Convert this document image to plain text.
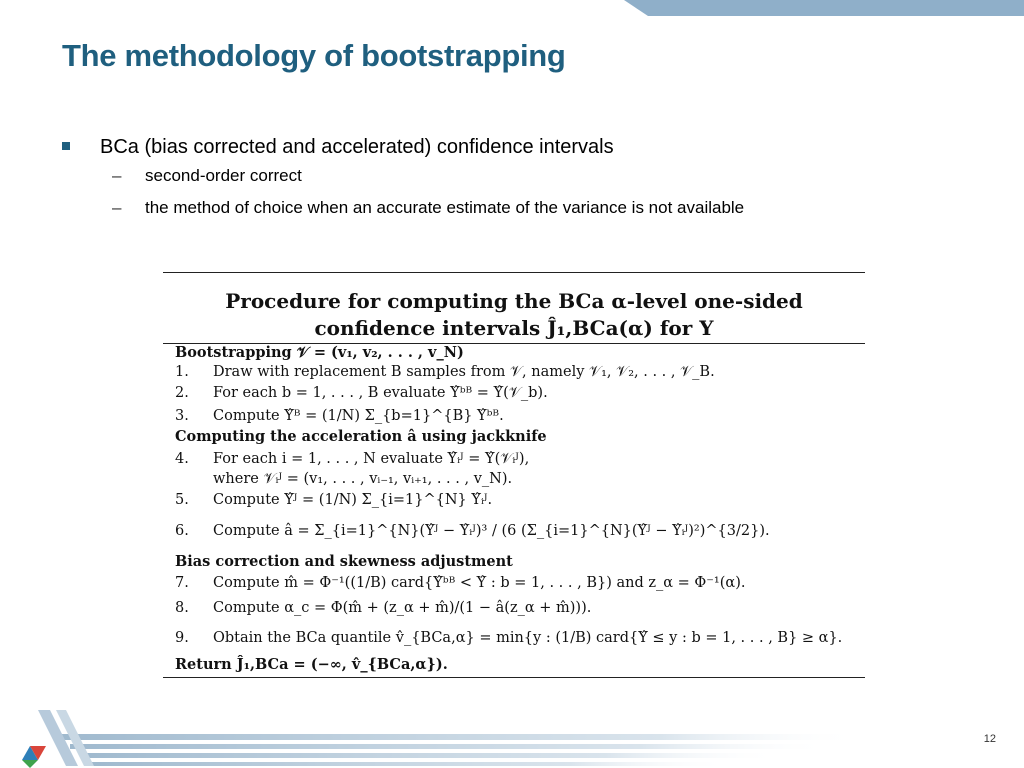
The methodology of bootstrapping
BCa (bias corrected and accelerated) confidence intervals
– second-order correct
– the method of choice when an accurate estimate of the variance is not available
Procedure for computing the BCa α-level one-sided
confidence intervals Ĵ₁,BCa(α) for Υ
Bootstrapping 𝒱 = (v₁, v₂, . . . , v_N)
1. Draw with replacement B samples from 𝒱, namely 𝒱₁, 𝒱₂, . . . , 𝒱_B.
2. For each b = 1, . . . , B evaluate Υ̂ᵇᴮ = Υ̂(𝒱_b).
3. Compute Υ̂ᴮ = (1/N) Σ_{b=1}^{B} Υ̂ᵇᴮ.
Computing the acceleration â using jackknife
4. For each i = 1, . . . , N evaluate Υ̂ᵢᴶ = Υ̂(𝒱ᵢᴶ),
where 𝒱ᵢᴶ = (v₁, . . . , vᵢ₋₁, vᵢ₊₁, . . . , v_N).
5. Compute Υ̂ᴶ = (1/N) Σ_{i=1}^{N} Υ̂ᵢᴶ.
6. Compute â = Σ_{i=1}^{N}(Υ̂ᴶ − Υ̂ᵢᴶ)³ / (6 (Σ_{i=1}^{N}(Υ̂ᴶ − Υ̂ᵢᴶ)²)^{3/2}).
Bias correction and skewness adjustment
7. Compute m̂ = Φ⁻¹((1/B) card{Υ̂ᵇᴮ < Υ̂ : b = 1, . . . , B}) and z_α = Φ⁻¹(α).
8. Compute α_c = Φ(m̂ + (z_α + m̂)/(1 − â(z_α + m̂))).
9. Obtain the BCa quantile v̂_{BCa,α} = min{y : (1/B) card{Υ̂ ≤ y : b = 1, . . . , B} ≥ α}.
Return Ĵ₁,BCa = (−∞, v̂_{BCa,α}).
12
